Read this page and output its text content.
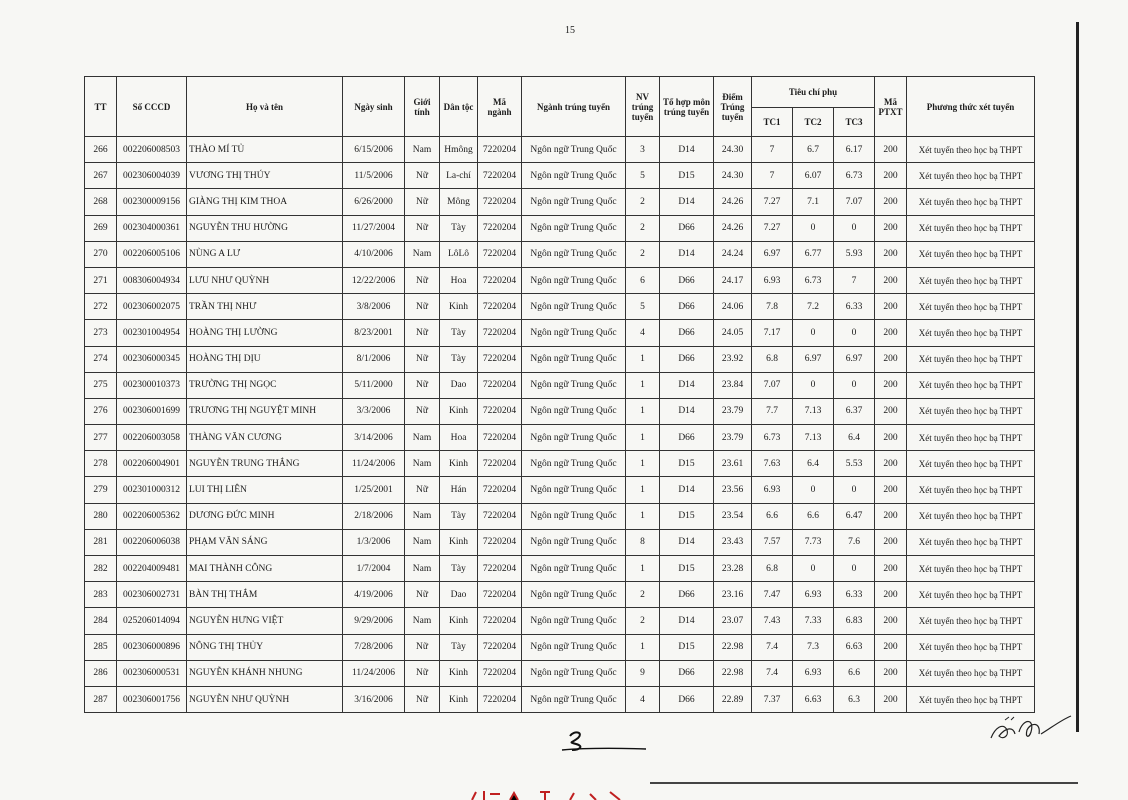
15
TT	Số CCCD	Họ và tên	Ngày sinh	Giới tính	Dân tộc	Mã ngành	Ngành trúng tuyển	NV trúng tuyển	Tổ hợp môn trúng tuyển	Điểm Trúng tuyển	Tiêu chí phụ			Mã PTXT	Phương thức xét tuyển
											TC1	TC2	TC3		
266	002206008503	THÀO MÍ TỦ	6/15/2006	Nam	Hmông	7220204	Ngôn ngữ Trung Quốc	3	D14	24.30	7	6.7	6.17	200	Xét tuyển theo học bạ THPT
267	002306004039	VƯƠNG THỊ THÚY	11/5/2006	Nữ	La-chí	7220204	Ngôn ngữ Trung Quốc	5	D15	24.30	7	6.07	6.73	200	Xét tuyển theo học bạ THPT
268	002300009156	GIÀNG THỊ KIM THOA	6/26/2000	Nữ	Mông	7220204	Ngôn ngữ Trung Quốc	2	D14	24.26	7.27	7.1	7.07	200	Xét tuyển theo học bạ THPT
269	002304000361	NGUYỄN THU HƯỜNG	11/27/2004	Nữ	Tày	7220204	Ngôn ngữ Trung Quốc	2	D66	24.26	7.27	0	0	200	Xét tuyển theo học bạ THPT
270	002206005106	NÙNG A LƯ	4/10/2006	Nam	LôLô	7220204	Ngôn ngữ Trung Quốc	2	D14	24.24	6.97	6.77	5.93	200	Xét tuyển theo học bạ THPT
271	008306004934	LƯU NHƯ QUỲNH	12/22/2006	Nữ	Hoa	7220204	Ngôn ngữ Trung Quốc	6	D66	24.17	6.93	6.73	7	200	Xét tuyển theo học bạ THPT
272	002306002075	TRẦN THỊ NHƯ	3/8/2006	Nữ	Kinh	7220204	Ngôn ngữ Trung Quốc	5	D66	24.06	7.8	7.2	6.33	200	Xét tuyển theo học bạ THPT
273	002301004954	HOÀNG THỊ LƯỜNG	8/23/2001	Nữ	Tày	7220204	Ngôn ngữ Trung Quốc	4	D66	24.05	7.17	0	0	200	Xét tuyển theo học bạ THPT
274	002306000345	HOÀNG THỊ DỊU	8/1/2006	Nữ	Tày	7220204	Ngôn ngữ Trung Quốc	1	D66	23.92	6.8	6.97	6.97	200	Xét tuyển theo học bạ THPT
275	002300010373	TRƯỜNG THỊ NGỌC	5/11/2000	Nữ	Dao	7220204	Ngôn ngữ Trung Quốc	1	D14	23.84	7.07	0	0	200	Xét tuyển theo học bạ THPT
276	002306001699	TRƯƠNG THỊ NGUYỆT MINH	3/3/2006	Nữ	Kinh	7220204	Ngôn ngữ Trung Quốc	1	D14	23.79	7.7	7.13	6.37	200	Xét tuyển theo học bạ THPT
277	002206003058	THÀNG VĂN CƯƠNG	3/14/2006	Nam	Hoa	7220204	Ngôn ngữ Trung Quốc	1	D66	23.79	6.73	7.13	6.4	200	Xét tuyển theo học bạ THPT
278	002206004901	NGUYỄN TRUNG THẮNG	11/24/2006	Nam	Kinh	7220204	Ngôn ngữ Trung Quốc	1	D15	23.61	7.63	6.4	5.53	200	Xét tuyển theo học bạ THPT
279	002301000312	LUI THỊ LIÊN	1/25/2001	Nữ	Hán	7220204	Ngôn ngữ Trung Quốc	1	D14	23.56	6.93	0	0	200	Xét tuyển theo học bạ THPT
280	002206005362	DƯƠNG ĐỨC MINH	2/18/2006	Nam	Tày	7220204	Ngôn ngữ Trung Quốc	1	D15	23.54	6.6	6.6	6.47	200	Xét tuyển theo học bạ THPT
281	002206006038	PHẠM VĂN SÁNG	1/3/2006	Nam	Kinh	7220204	Ngôn ngữ Trung Quốc	8	D14	23.43	7.57	7.73	7.6	200	Xét tuyển theo học bạ THPT
282	002204009481	MAI THÀNH CÔNG	1/7/2004	Nam	Tày	7220204	Ngôn ngữ Trung Quốc	1	D15	23.28	6.8	0	0	200	Xét tuyển theo học bạ THPT
283	002306002731	BÀN THỊ THẮM	4/19/2006	Nữ	Dao	7220204	Ngôn ngữ Trung Quốc	2	D66	23.16	7.47	6.93	6.33	200	Xét tuyển theo học bạ THPT
284	025206014094	NGUYỄN HƯNG VIỆT	9/29/2006	Nam	Kinh	7220204	Ngôn ngữ Trung Quốc	2	D14	23.07	7.43	7.33	6.83	200	Xét tuyển theo học bạ THPT
285	002306000896	NÔNG THỊ THỦY	7/28/2006	Nữ	Tày	7220204	Ngôn ngữ Trung Quốc	1	D15	22.98	7.4	7.3	6.63	200	Xét tuyển theo học bạ THPT
286	002306000531	NGUYỄN KHÁNH NHUNG	11/24/2006	Nữ	Kinh	7220204	Ngôn ngữ Trung Quốc	9	D66	22.98	7.4	6.93	6.6	200	Xét tuyển theo học bạ THPT
287	002306001756	NGUYỄN NHƯ QUỲNH	3/16/2006	Nữ	Kinh	7220204	Ngôn ngữ Trung Quốc	4	D66	22.89	7.37	6.63	6.3	200	Xét tuyển theo học bạ THPT
